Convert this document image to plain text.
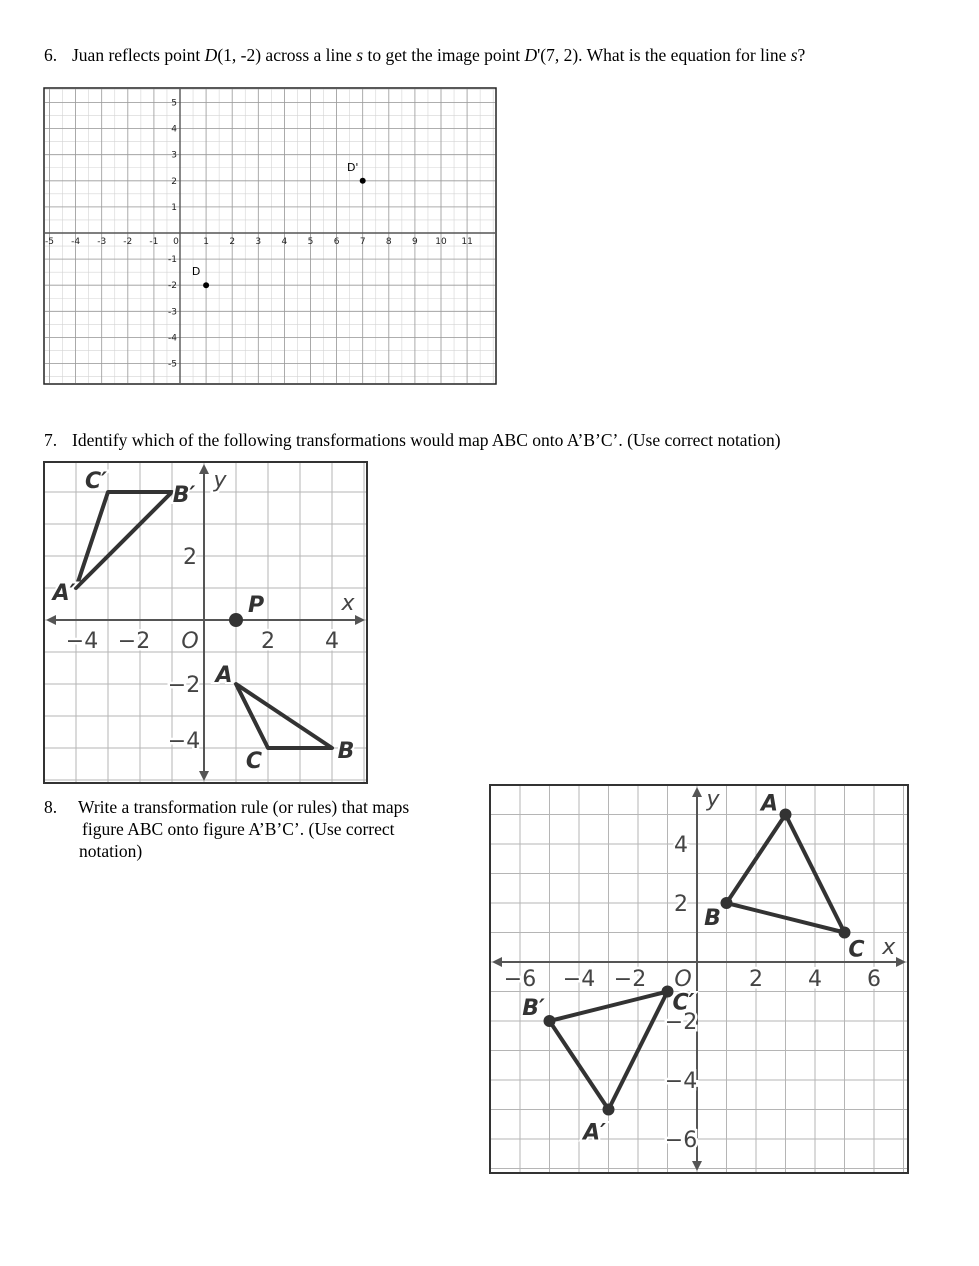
6. Juan reflects point D(1, -2) across a line s to get the image point D'(7, 2). What is the equation for line s?
-5 -4 -3 -2 -1 0	1 2 3 4 5 6 7 8 9 10 11
1
2
3
4
5
-1
-2
-3
-4
-5
D
D'
7. Identify which of the following transformations would map ABC onto A’B’C’. (Use correct notation)
−4 −2 O	2 4
2
−2
−4
x
y
P
A
B
C
A′
B′
C′
8. Write a transformation rule (or rules) that maps
figure ABC onto figure A’B’C’. (Use correct
notation)
−6 −4 −2 O	2 4 6
4
2
−2
−4
−6
x
y A
B
C
A′
B′	C′
